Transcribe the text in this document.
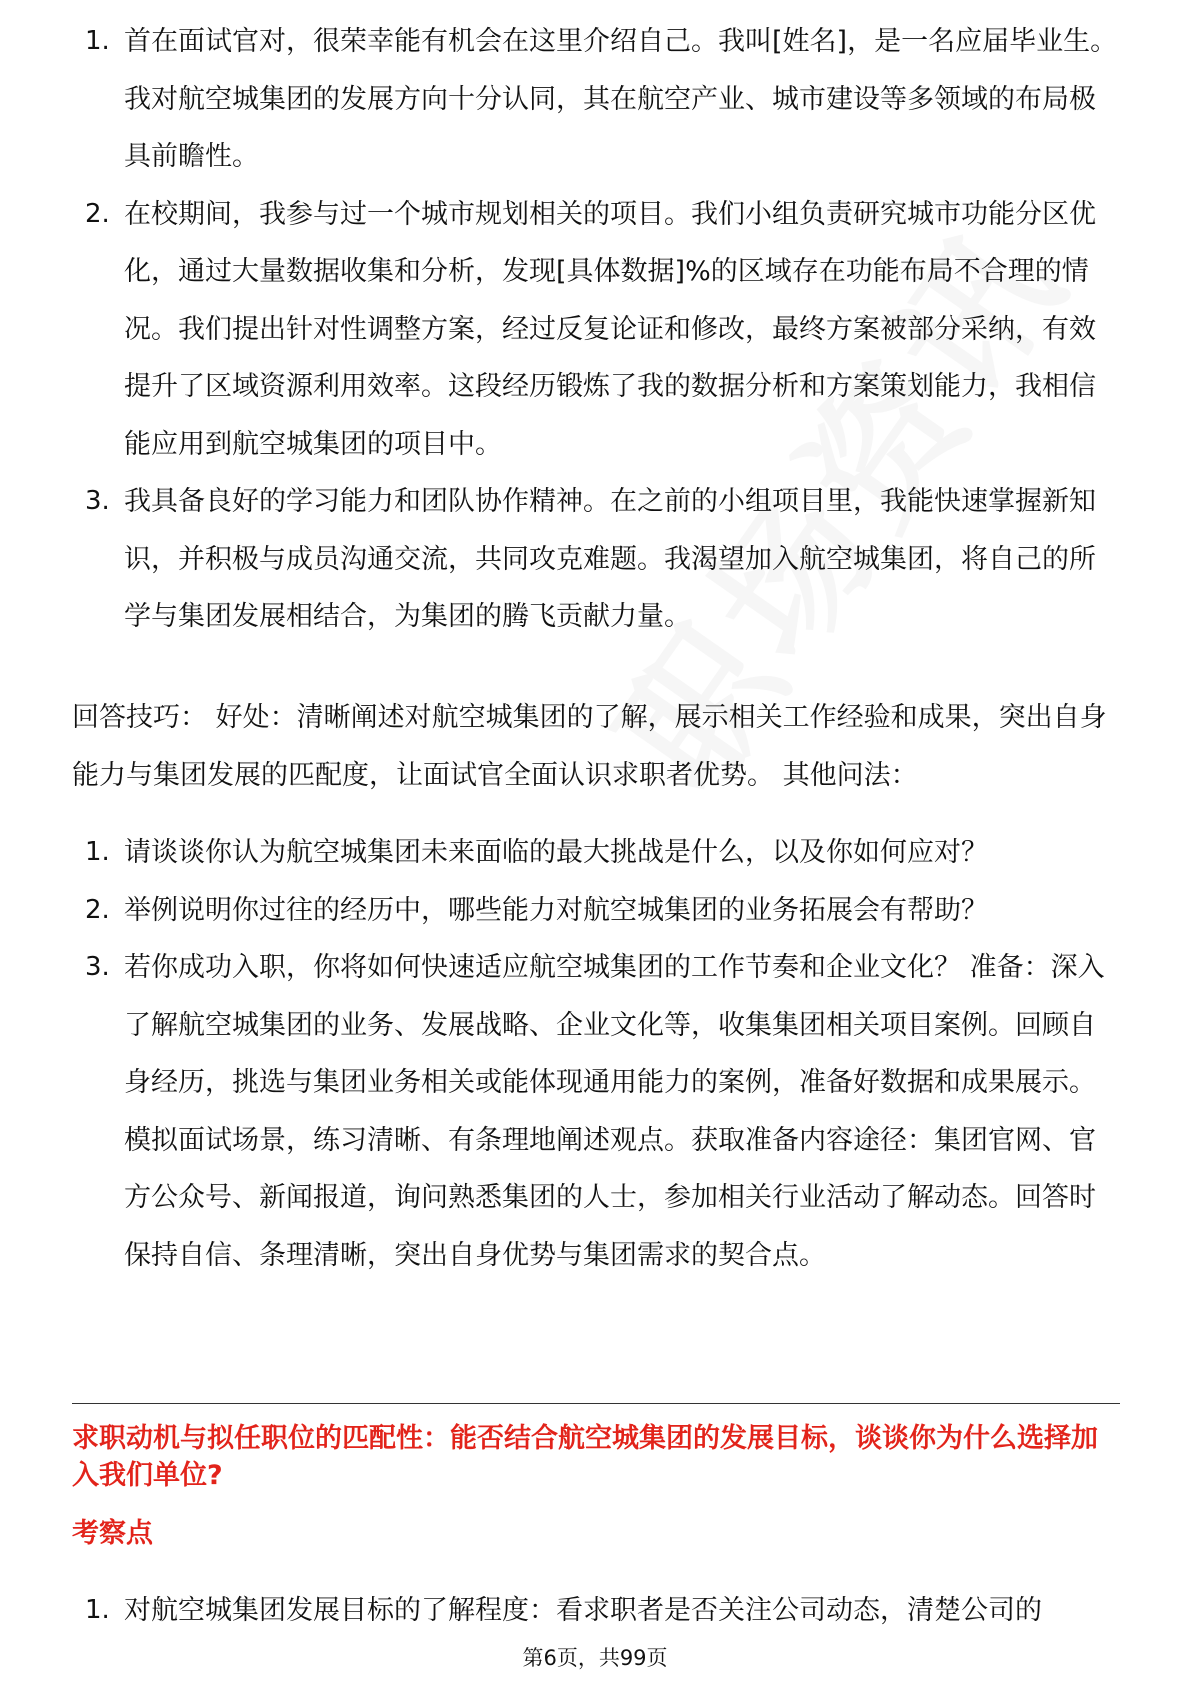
1. 首在面试官对，很荣幸能有机会在这里介绍自己。我叫[姓名]，是一名应届毕业生。我对航空城集团的发展方向十分认同，其在航空产业、城市建设等多领域的布局极具前瞻性。
2. 在校期间，我参与过一个城市规划相关的项目。我们小组负责研究城市功能分区优化，通过大量数据收集和分析，发现[具体数据]%的区域存在功能布局不合理的情况。我们提出针对性调整方案，经过反复论证和修改，最终方案被部分采纳，有效提升了区域资源利用效率。这段经历锻炼了我的数据分析和方案策划能力，我相信能应用到航空城集团的项目中。
3. 我具备良好的学习能力和团队协作精神。在之前的小组项目里，我能快速掌握新知识，并积极与成员沟通交流，共同攻克难题。我渴望加入航空城集团，将自己的所学与集团发展相结合，为集团的腾飞贡献力量。

回答技巧： 好处：清晰阐述对航空城集团的了解，展示相关工作经验和成果，突出自身能力与集团发展的匹配度，让面试官全面认识求职者优势。 其他问法：

1. 请谈谈你认为航空城集团未来面临的最大挑战是什么，以及你如何应对？
2. 举例说明你过往的经历中，哪些能力对航空城集团的业务拓展会有帮助？
3. 若你成功入职，你将如何快速适应航空城集团的工作节奏和企业文化？ 准备：深入了解航空城集团的业务、发展战略、企业文化等，收集集团相关项目案例。回顾自身经历，挑选与集团业务相关或能体现通用能力的案例，准备好数据和成果展示。模拟面试场景，练习清晰、有条理地阐述观点。获取准备内容途径：集团官网、官方公众号、新闻报道，询问熟悉集团的人士，参加相关行业活动了解动态。回答时保持自信、条理清晰，突出自身优势与集团需求的契合点。
求职动机与拟任职位的匹配性：能否结合航空城集团的发展目标，谈谈你为什么选择加入我们单位?
考察点
1. 对航空城集团发展目标的了解程度：看求职者是否关注公司动态，清楚公司的
第6页，共99页
